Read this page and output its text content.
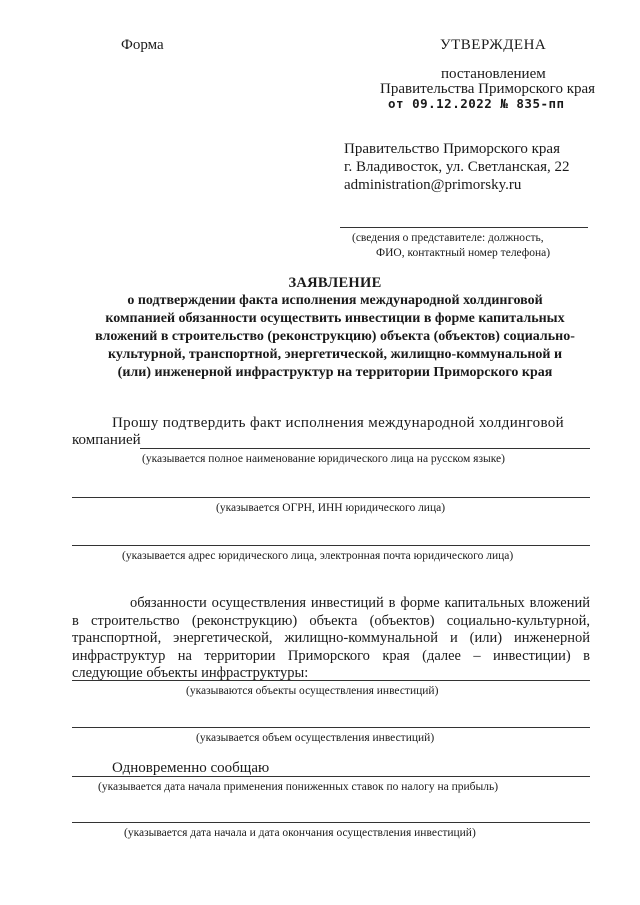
Форма	УТВЕРЖДЕНА
постановлением
Правительства Приморского края
от 09.12.2022 № 835-пп
Правительство Приморского края
г. Владивосток, ул. Светланская, 22
administration@primorsky.ru
(сведения о представителе: должность,
ФИО, контактный номер телефона)
ЗАЯВЛЕНИЕ
о подтверждении факта исполнения международной холдинговой компанией обязанности осуществить инвестиции в форме капитальных вложений в строительство (реконструкцию) объекта (объектов) социально-культурной, транспортной, энергетической, жилищно-коммунальной и (или) инженерной инфраструктур на территории Приморского края
Прошу подтвердить факт исполнения международной холдинговой
компанией
(указывается полное наименование юридического лица на русском языке)
(указывается ОГРН, ИНН юридического лица)
(указывается адрес юридического лица, электронная почта юридического лица)
обязанности осуществления инвестиций в форме капитальных вложений в строительство (реконструкцию) объекта (объектов) социально-культурной, транспортной, энергетической, жилищно-коммунальной и (или) инженерной инфраструктур на территории Приморского края (далее – инвестиции) в следующие объекты инфраструктуры:
(указываются объекты осуществления инвестиций)
(указывается объем осуществления инвестиций)
Одновременно сообщаю
(указывается дата начала применения пониженных ставок по налогу на прибыль)
(указывается дата начала и дата окончания осуществления инвестиций)
